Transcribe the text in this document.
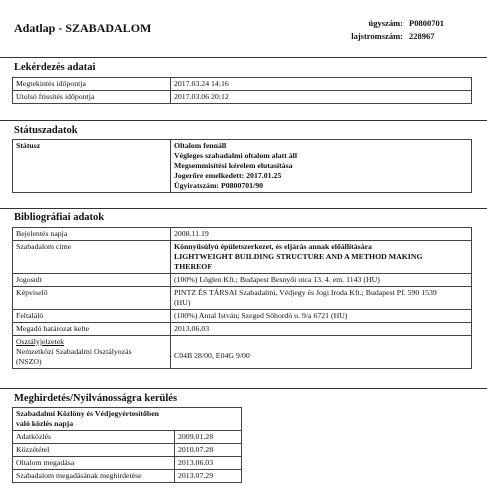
Adatlap - SZABADALOM	ügyszám: P0800701
lajstromszám: 228967
Lekérdezés adatai
Megtekintés időpontja	2017.03.24 14:16
Utolsó frissítés időpontja	2017.03.06 20:12
Státuszadatok
Státusz	Oltalom fennáll
Végleges szabadalmi oltalom alatt áll
Megsemmisítési kérelem elutasítása
Jogerőre emelkedett: 2017.01.25
Ügyiratszám: P0800701/90
Bibliográfiai adatok
Bejelentés napja	2008.11.19
Szabadalom címe	Könnyűsúlyú épületszerkezet, és eljárás annak előállítására
LIGHTWEIGHT BUILDING STRUCTURE AND A METHOD MAKING
THEREOF

Jogosult	(100%) Löglen Kft.; Budapest Besnyői utca 13. 4. em. 1143 (HU)
Képviselő	PINTZ ÉS TÁRSAI Szabadalmi, Védjegy és Jogi Iroda Kft.; Budapest Pf. 590 1539
(HU)

Feltaláló	(100%) Antal István; Szeged Söhordó u. 9/a 6721 (HU)
Megadó határozat kelte	2013.06.03

Osztályjelzetek
Nemzetközi Szabadalmi Osztályozás
(NSZO)	C04B 28/00, E04G 9/00
Meghirdetés/Nyilvánosságra kerülés
Szabadalmi Közlöny és Védjegyértesítőben
való közlés napja	

Adatközlés	2009.01.28
Közzététel	2010.07.28
Oltalom megadása	2013.06.03
Szabadalom megadásának meghirdetése	2013.07.29
